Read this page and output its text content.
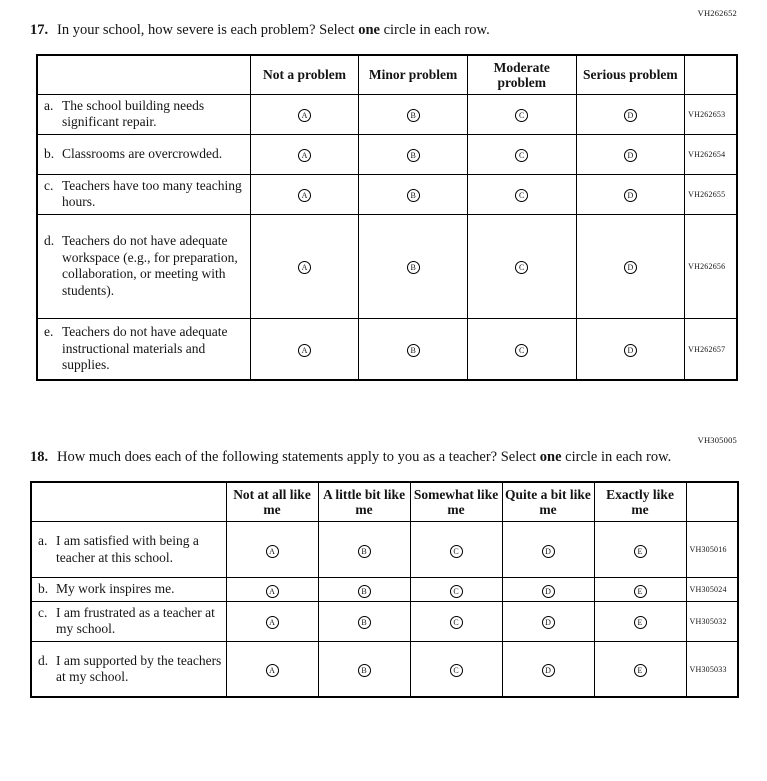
VH262652
17. In your school, how severe is each problem? Select one circle in each row.
	Not a problem	Minor problem	Moderate problem	Serious problem	

a. The school building needs significant repair.	A	B	C	D	VH262653

b. Classrooms are overcrowded.	A	B	C	D	VH262654

c. Teachers have too many teaching hours.	A	B	C	D	VH262655

d. Teachers do not have adequate workspace (e.g., for preparation, collaboration, or meeting with students).	A	B	C	D	VH262656

e. Teachers do not have adequate instructional materials and supplies.	A	B	C	D	VH262657
VH305005
18. How much does each of the following statements apply to you as a teacher? Select one circle in each row.
	Not at all like me	A little bit like me	Somewhat like me	Quite a bit like me	Exactly like me	

a. I am satisfied with being a teacher at this school.	A	B	C	D	E	VH305016

b. My work inspires me.	A	B	C	D	E	VH305024

c. I am frustrated as a teacher at my school.	A	B	C	D	E	VH305032

d. I am supported by the teachers at my school.	A	B	C	D	E	VH305033
